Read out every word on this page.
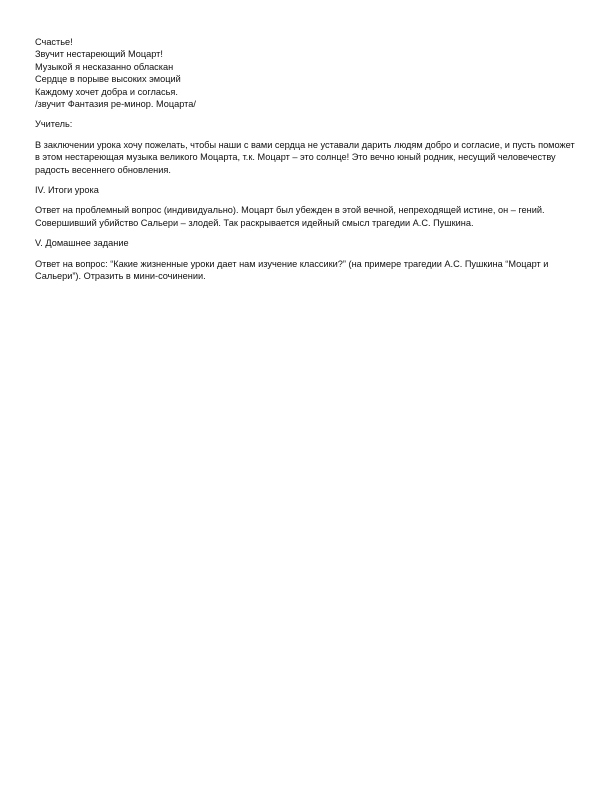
Счастье!
Звучит нестареющий Моцарт!
Музыкой я несказанно обласкан
Сердце в порыве высоких эмоций
Каждому хочет добра и согласья.
/звучит Фантазия ре-минор. Моцарта/
Учитель:

В заключении урока хочу пожелать, чтобы наши с вами сердца не уставали дарить людям добро и согласие, и пусть поможет в этом нестареющая музыка великого Моцарта, т.к. Моцарт – это солнце! Это вечно юный родник, несущий человечеству радость весеннего обновления.

IV. Итоги урока

Ответ на проблемный вопрос (индивидуально). Моцарт был убежден в этой вечной, непреходящей истине, он – гений. Совершивший убийство Сальери – злодей. Так раскрывается идейный смысл трагедии А.С. Пушкина.

V. Домашнее задание

Ответ на вопрос: “Какие жизненные уроки дает нам изучение классики?” (на примере трагедии А.С. Пушкина “Моцарт и Сальери”). Отразить в мини-сочинении.
